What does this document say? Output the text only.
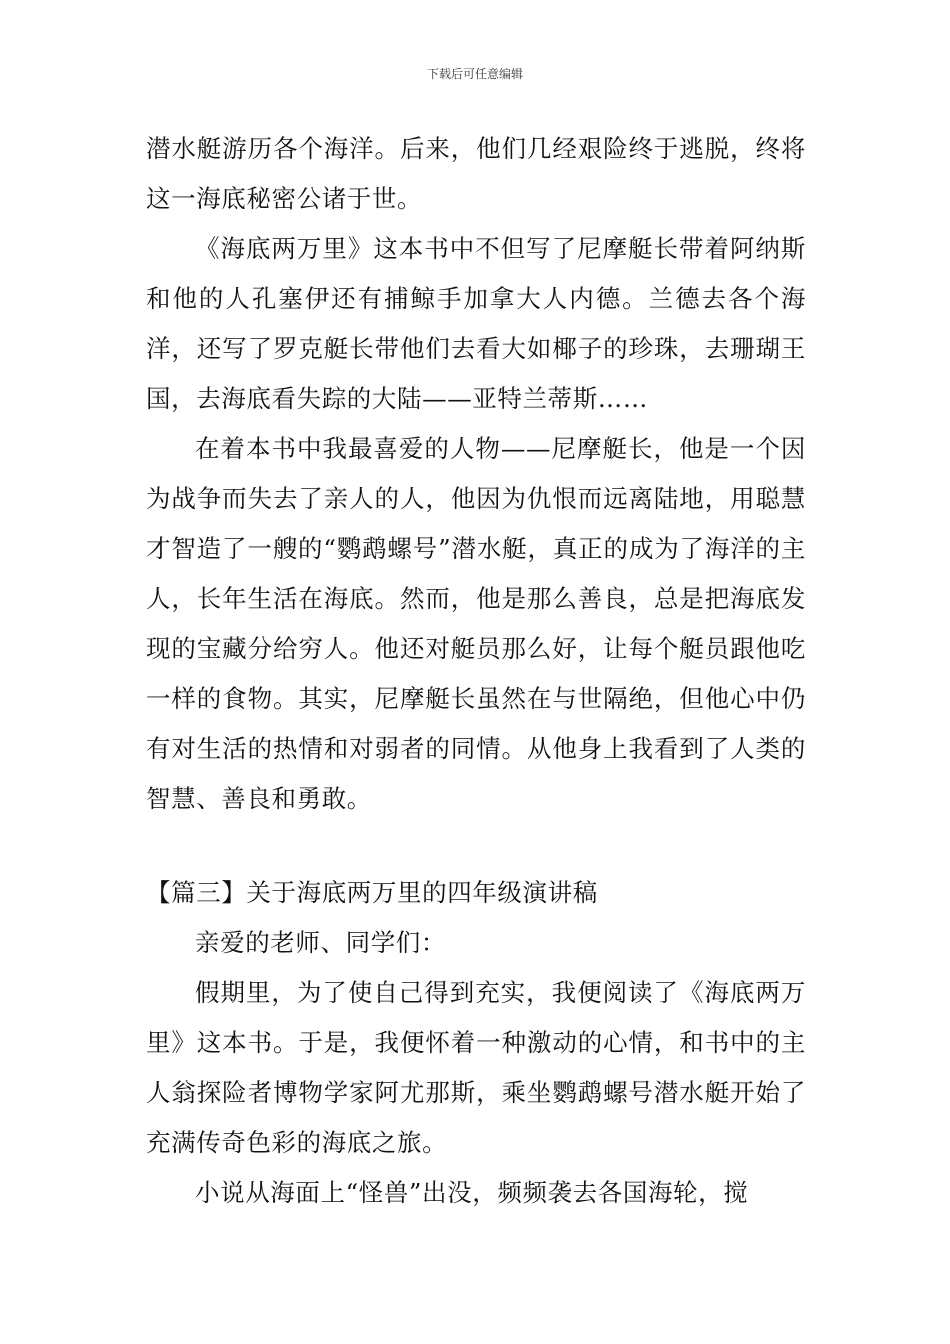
下载后可任意编辑

潜水艇游历各个海洋。后来，他们几经艰险终于逃脱，终将这一海底秘密公诸于世。

《海底两万里》这本书中不但写了尼摩艇长带着阿纳斯和他的人孔塞伊还有捕鲸手加拿大人内德。兰德去各个海洋，还写了罗克艇长带他们去看大如椰子的珍珠，去珊瑚王国，去海底看失踪的大陆——亚特兰蒂斯……

在着本书中我最喜爱的人物——尼摩艇长，他是一个因为战争而失去了亲人的人，他因为仇恨而远离陆地，用聪慧才智造了一艘的“鹦鹉螺号”潜水艇，真正的成为了海洋的主人，长年生活在海底。然而，他是那么善良，总是把海底发现的宝藏分给穷人。他还对艇员那么好，让每个艇员跟他吃一样的食物。其实，尼摩艇长虽然在与世隔绝，但他心中仍有对生活的热情和对弱者的同情。从他身上我看到了人类的智慧、善良和勇敢。

【篇三】关于海底两万里的四年级演讲稿

亲爱的老师、同学们：

假期里，为了使自己得到充实，我便阅读了《海底两万里》这本书。于是，我便怀着一种激动的心情，和书中的主人翁探险者博物学家阿尤那斯，乘坐鹦鹉螺号潜水艇开始了充满传奇色彩的海底之旅。

小说从海面上“怪兽”出没，频频袭去各国海轮，搅
